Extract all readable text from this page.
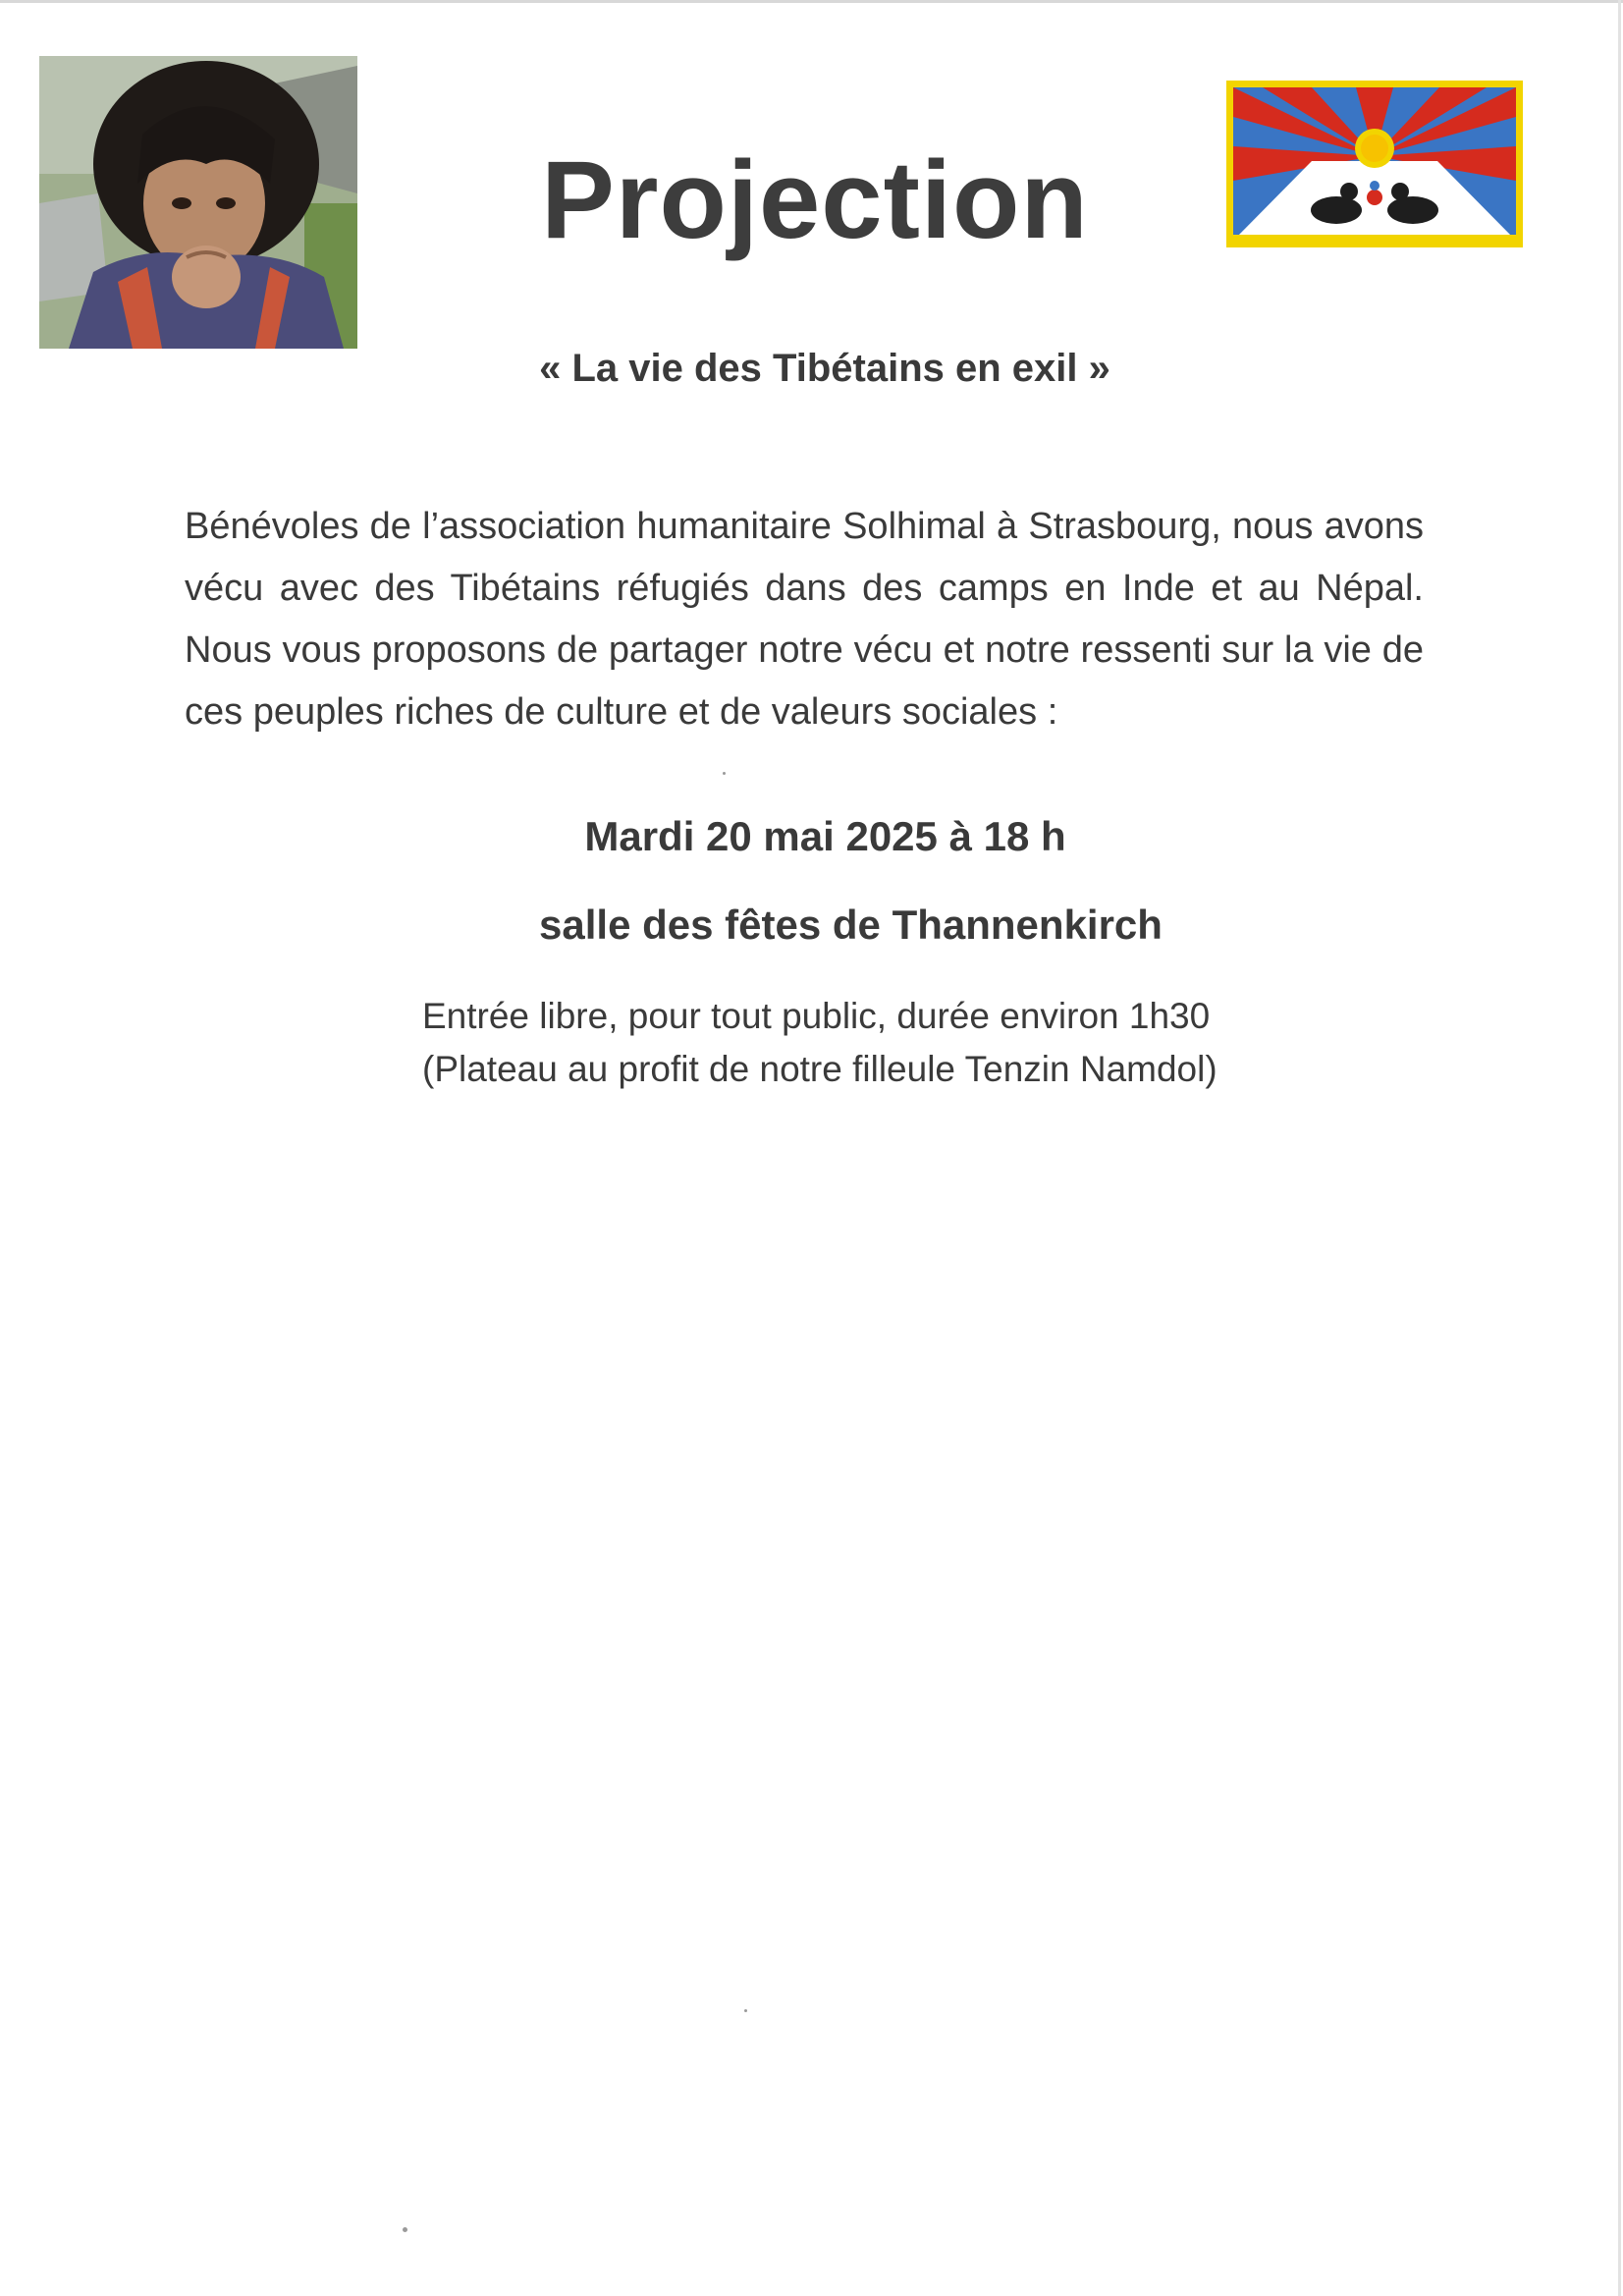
Projection
« La vie des Tibétains en exil »

Bénévoles de l’association humanitaire Solhimal à Strasbourg, nous avons vécu avec des Tibétains réfugiés dans des camps en Inde et au Népal. Nous vous proposons de partager notre vécu et notre ressenti sur la vie de ces peuples riches de culture et de valeurs sociales :

Mardi 20 mai 2025 à 18 h
salle des fêtes de Thannenkirch
Entrée libre, pour tout public, durée environ 1h30
(Plateau au profit de notre filleule Tenzin Namdol)
